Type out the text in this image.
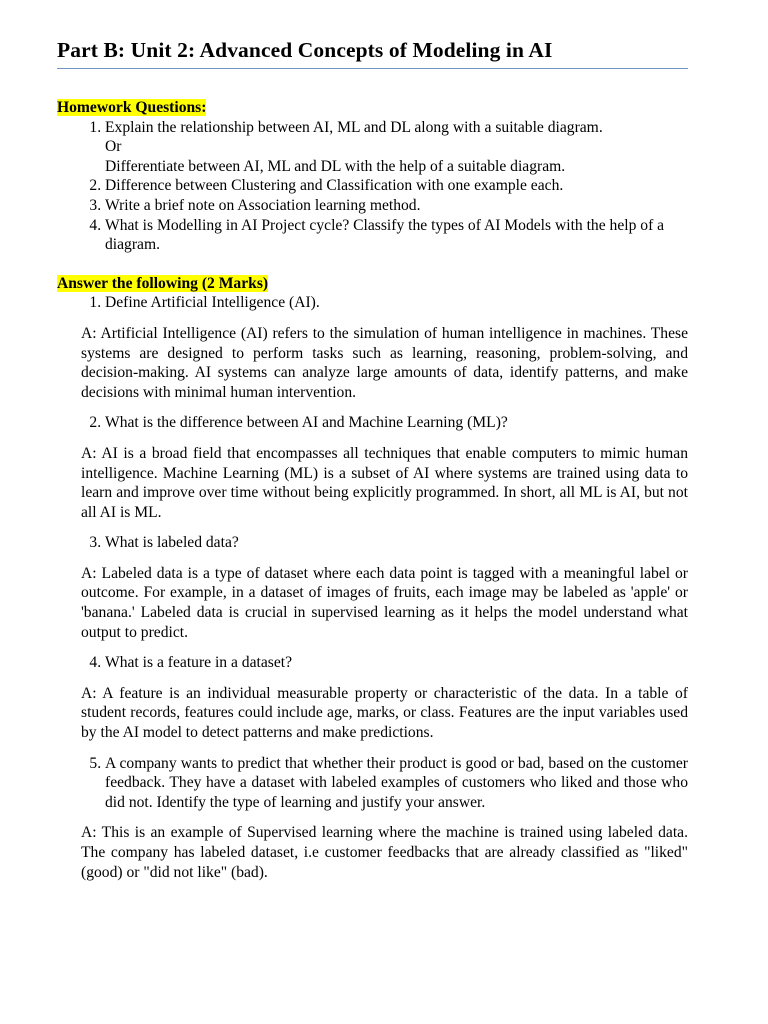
Part B: Unit 2: Advanced Concepts of Modeling in AI
Homework Questions:
1. Explain the relationship between AI, ML and DL along with a suitable diagram.
Or
Differentiate between AI, ML and DL with the help of a suitable diagram.
2. Difference between Clustering and Classification with one example each.
3. Write a brief note on Association learning method.
4. What is Modelling in AI Project cycle? Classify the types of AI Models with the help of a diagram.
Answer the following (2 Marks)
1. Define Artificial Intelligence (AI).
A: Artificial Intelligence (AI) refers to the simulation of human intelligence in machines. These systems are designed to perform tasks such as learning, reasoning, problem-solving, and decision-making. AI systems can analyze large amounts of data, identify patterns, and make decisions with minimal human intervention.
2. What is the difference between AI and Machine Learning (ML)?
A: AI is a broad field that encompasses all techniques that enable computers to mimic human intelligence. Machine Learning (ML) is a subset of AI where systems are trained using data to learn and improve over time without being explicitly programmed. In short, all ML is AI, but not all AI is ML.
3. What is labeled data?
A: Labeled data is a type of dataset where each data point is tagged with a meaningful label or outcome. For example, in a dataset of images of fruits, each image may be labeled as 'apple' or 'banana.' Labeled data is crucial in supervised learning as it helps the model understand what output to predict.
4. What is a feature in a dataset?
A: A feature is an individual measurable property or characteristic of the data. In a table of student records, features could include age, marks, or class. Features are the input variables used by the AI model to detect patterns and make predictions.
5. A company wants to predict that whether their product is good or bad, based on the customer feedback. They have a dataset with labeled examples of customers who liked and those who did not. Identify the type of learning and justify your answer.
A: This is an example of Supervised learning where the machine is trained using labeled data. The company has labeled dataset, i.e customer feedbacks that are already classified as "liked" (good) or "did not like" (bad).
